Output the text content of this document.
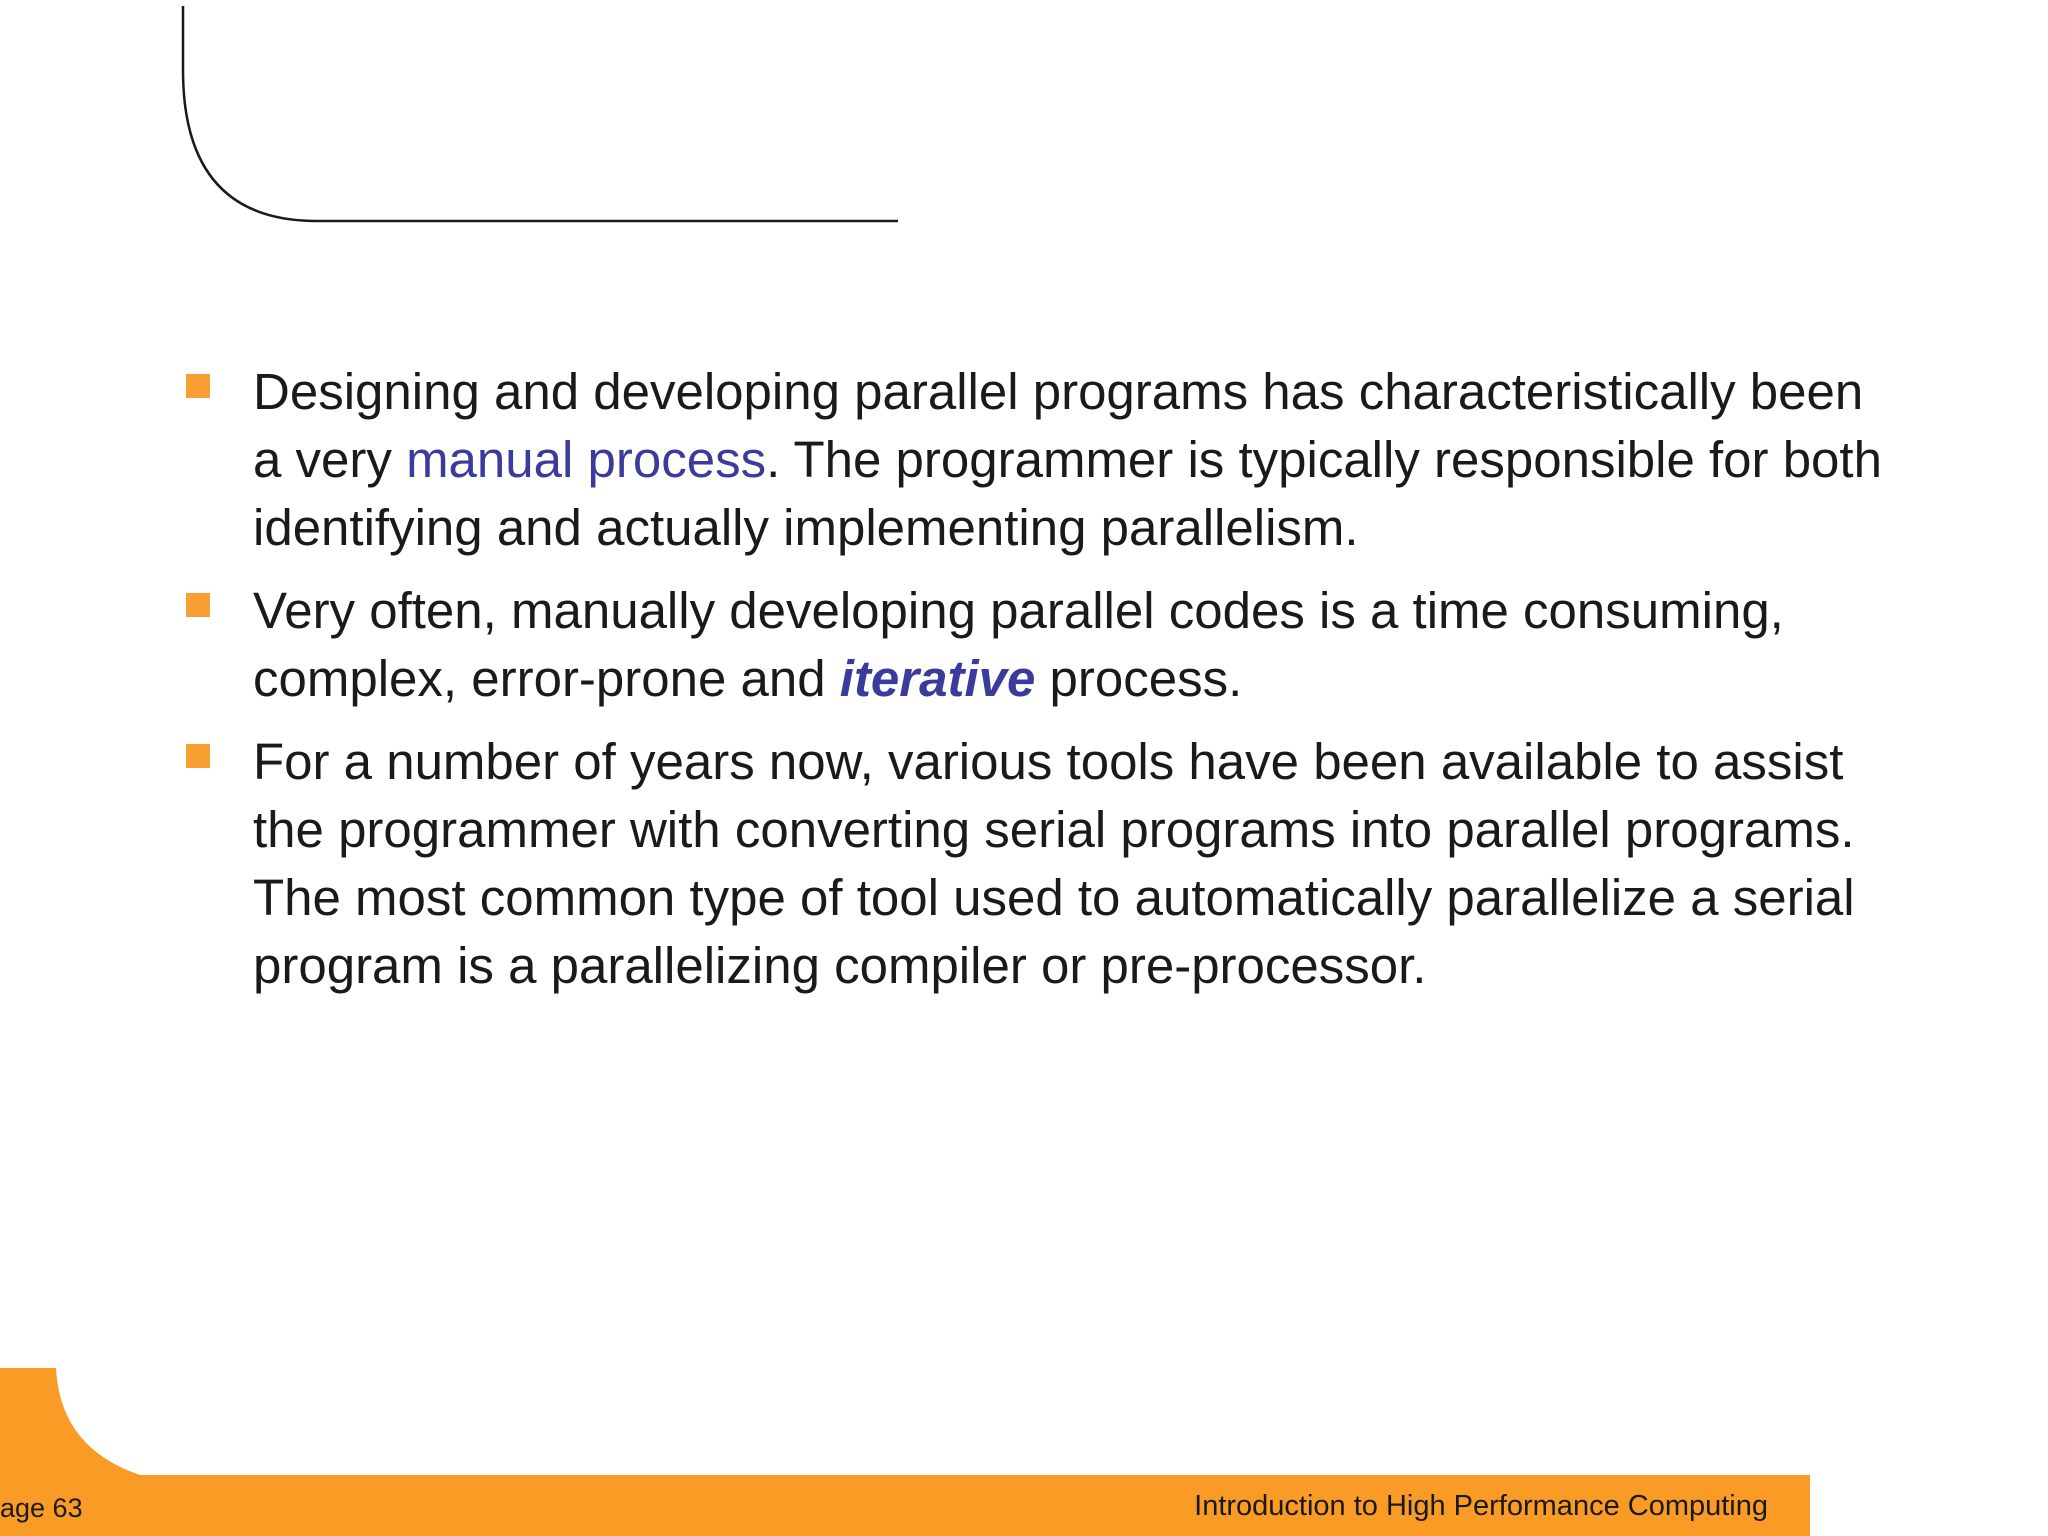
Designing and developing parallel programs has characteristically been a very manual process. The programmer is typically responsible for both identifying and actually implementing parallelism.
Very often, manually developing parallel codes is a time consuming, complex, error-prone and iterative process.
For a number of years now, various tools have been available to assist the programmer with converting serial programs into parallel programs. The most common type of tool used to automatically parallelize a serial program is a parallelizing compiler or pre-processor.
age 63	Introduction to High Performance Computing
